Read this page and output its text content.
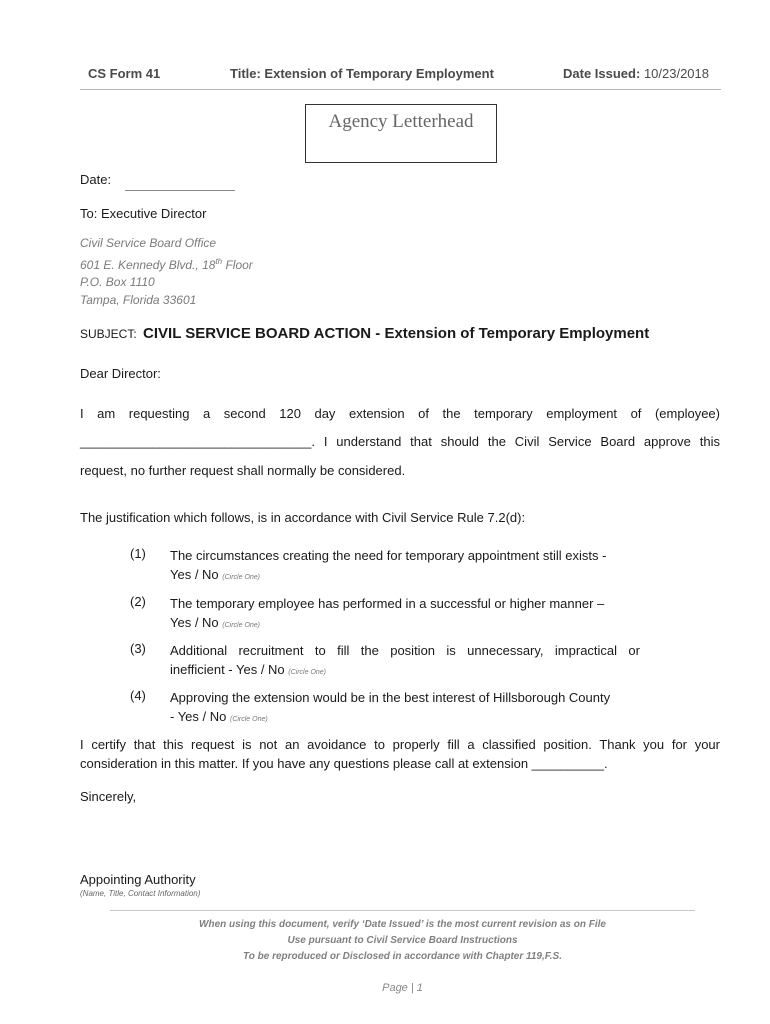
CS Form 41	Title: Extension of Temporary Employment	Date Issued: 10/23/2018
Agency Letterhead
Date:
To: Executive Director
Civil Service Board Office
601 E. Kennedy Blvd., 18th Floor
P.O. Box 1110
Tampa, Florida 33601
SUBJECT: CIVIL SERVICE BOARD ACTION - Extension of Temporary Employment
Dear Director:
I am requesting a second 120 day extension of the temporary employment of (employee)
________________________________. I understand that should the Civil Service Board approve this
request, no further request shall normally be considered.
The justification which follows, is in accordance with Civil Service Rule 7.2(d):
(1) The circumstances creating the need for temporary appointment still exists -
Yes / No (Circle One)
(2) The temporary employee has performed in a successful or higher manner –
Yes / No (Circle One)
(3) Additional recruitment to fill the position is unnecessary, impractical or
inefficient - Yes / No (Circle One)
(4) Approving the extension would be in the best interest of Hillsborough County
- Yes / No (Circle One)
I certify that this request is not an avoidance to properly fill a classified position. Thank you for your
consideration in this matter. If you have any questions please call at extension __________.
Sincerely,
Appointing Authority
(Name, Title, Contact Information)
When using this document, verify ‘Date Issued’ is the most current revision as on File
Use pursuant to Civil Service Board Instructions
To be reproduced or Disclosed in accordance with Chapter 119,F.S.
Page | 1
